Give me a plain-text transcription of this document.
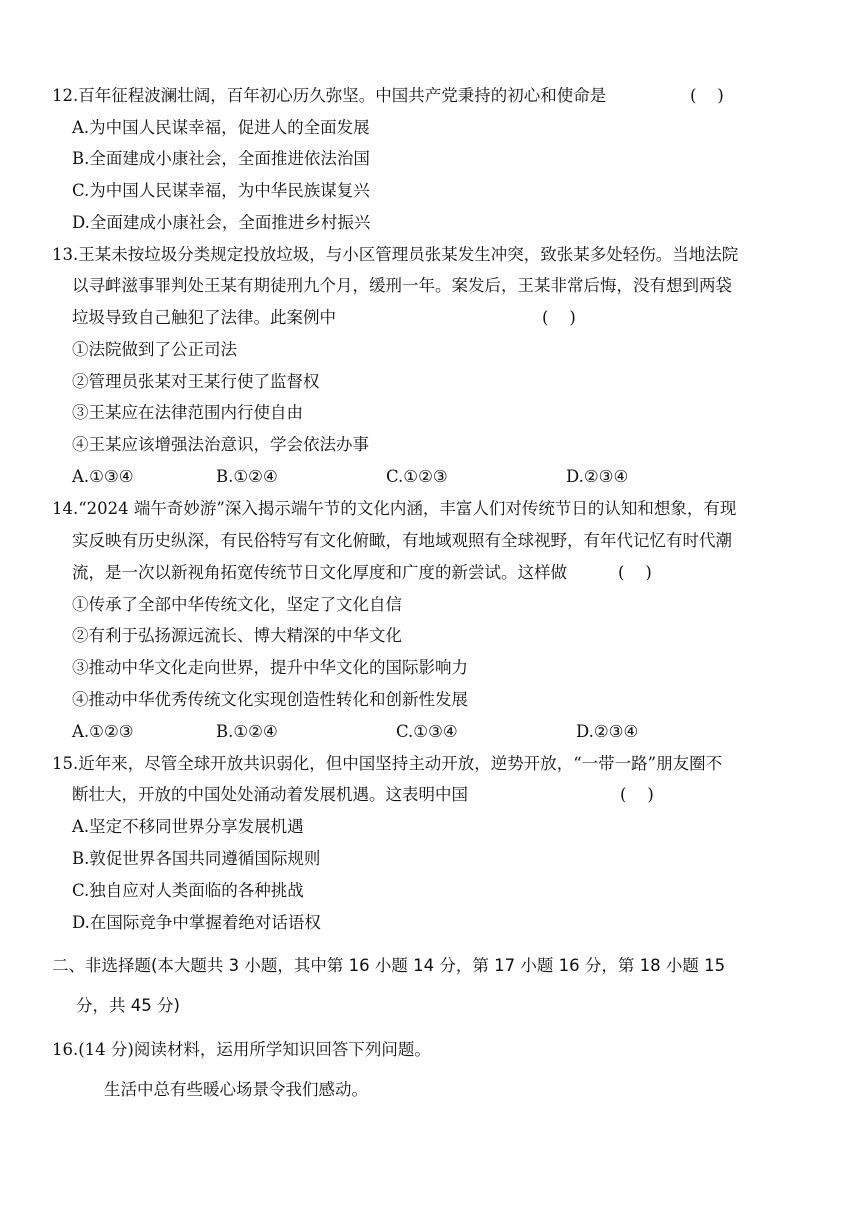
12.百年征程波澜壮阔，百年初心历久弥坚。中国共产党秉持的初心和使命是	(    )
A.为中国人民谋幸福，促进人的全面发展
B.全面建成小康社会，全面推进依法治国
C.为中国人民谋幸福，为中华民族谋复兴
D.全面建成小康社会，全面推进乡村振兴
13.王某未按垃圾分类规定投放垃圾，与小区管理员张某发生冲突，致张某多处轻伤。当地法院
以寻衅滋事罪判处王某有期徒刑九个月，缓刑一年。案发后，王某非常后悔，没有想到两袋
垃圾导致自己触犯了法律。此案例中	(    )
①法院做到了公正司法
②管理员张某对王某行使了监督权
③王某应在法律范围内行使自由
④王某应该增强法治意识，学会依法办事
A.①③④	B.①②④	C.①②③	D.②③④
14.“2024 端午奇妙游”深入揭示端午节的文化内涵，丰富人们对传统节日的认知和想象，有现
实反映有历史纵深，有民俗特写有文化俯瞰，有地域观照有全球视野，有年代记忆有时代潮
流，是一次以新视角拓宽传统节日文化厚度和广度的新尝试。这样做	(    )
①传承了全部中华传统文化，坚定了文化自信
②有利于弘扬源远流长、博大精深的中华文化
③推动中华文化走向世界，提升中华文化的国际影响力
④推动中华优秀传统文化实现创造性转化和创新性发展
A.①②③	B.①②④	C.①③④	D.②③④
15.近年来，尽管全球开放共识弱化，但中国坚持主动开放，逆势开放，“一带一路”朋友圈不
断壮大，开放的中国处处涌动着发展机遇。这表明中国	(    )
A.坚定不移同世界分享发展机遇
B.敦促世界各国共同遵循国际规则
C.独自应对人类面临的各种挑战
D.在国际竞争中掌握着绝对话语权
二、非选择题(本大题共 3 小题，其中第 16 小题 14 分，第 17 小题 16 分，第 18 小题 15
分，共 45 分)
16.(14 分)阅读材料，运用所学知识回答下列问题。
生活中总有些暖心场景令我们感动。
